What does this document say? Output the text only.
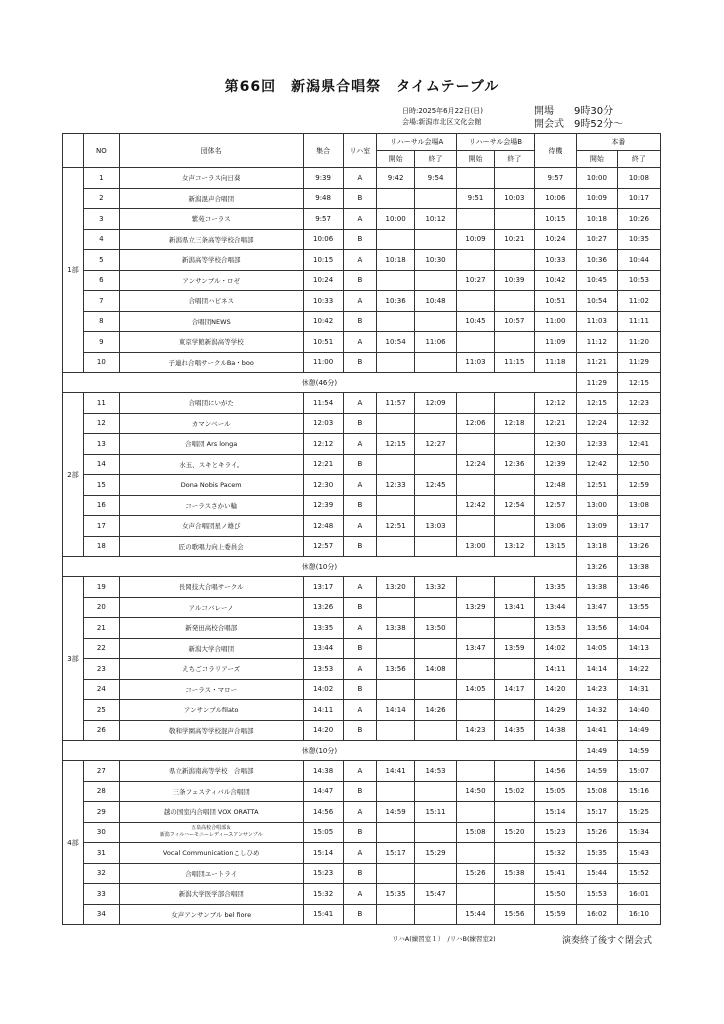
第66回　新潟県合唱祭　タイムテーブル
日時:2025年6月22日(日)
会場:新潟市北区文化会館
開場 9時30分
開会式 9時52分～
	NO	団体名	集合	リハ室	リハーサル会場A		リハーサル会場B		待機	本番	
					開始	終了	開始	終了		開始	終了
1部	1	女声コーラス向日葵	9:39	A	9:42	9:54			9:57	10:00	10:08
	2	新潟混声合唱団	9:48	B			9:51	10:03	10:06	10:09	10:17
	3	紫苑コーラス	9:57	A	10:00	10:12			10:15	10:18	10:26
	4	新潟県立三条高等学校合唱部	10:06	B			10:09	10:21	10:24	10:27	10:35
	5	新潟高等学校合唱部	10:15	A	10:18	10:30			10:33	10:36	10:44
	6	アンサンブル・ロゼ	10:24	B			10:27	10:39	10:42	10:45	10:53
	7	合唱団ハピネス	10:33	A	10:36	10:48			10:51	10:54	11:02
	8	合唱団NEWS	10:42	B			10:45	10:57	11:00	11:03	11:11
	9	東京学館新潟高等学校	10:51	A	10:54	11:06			11:09	11:12	11:20
	10	子連れ合唱サークルBa・boo	11:00	B			11:03	11:15	11:18	11:21	11:29
休憩(46分)										11:29	12:15
2部	11	合唱団にいがた	11:54	A	11:57	12:09			12:12	12:15	12:23
	12	カマンベール	12:03	B			12:06	12:18	12:21	12:24	12:32
	13	合唱団 Ars longa	12:12	A	12:15	12:27			12:30	12:33	12:41
	14	水玉、スキとキライ。	12:21	B			12:24	12:36	12:39	12:42	12:50
	15	Dona Nobis Pacem	12:30	A	12:33	12:45			12:48	12:51	12:59
	16	コーラスさかい輪	12:39	B			12:42	12:54	12:57	13:00	13:08
	17	女声合唱団星ノ雄び	12:48	A	12:51	13:03			13:06	13:09	13:17
	18	匠の歌唱力向上委員会	12:57	B			13:00	13:12	13:15	13:18	13:26
休憩(10分)										13:26	13:38
3部	19	長岡技大合唱サークル	13:17	A	13:20	13:32			13:35	13:38	13:46
	20	アルコバレーノ	13:26	B			13:29	13:41	13:44	13:47	13:55
	21	新発田高校合唱部	13:35	A	13:38	13:50			13:53	13:56	14:04
	22	新潟大学合唱団	13:44	B			13:47	13:59	14:02	14:05	14:13
	23	えちごコラリアーズ	13:53	A	13:56	14:08			14:11	14:14	14:22
	24	コーラス・マロー	14:02	B			14:05	14:17	14:20	14:23	14:31
	25	アンサンブルfilato	14:11	A	14:14	14:26			14:29	14:32	14:40
	26	敬和学園高等学校混声合唱部	14:20	B			14:23	14:35	14:38	14:41	14:49
休憩(10分)										14:49	14:59
4部	27	県立新潟南高等学校　合唱部	14:38	A	14:41	14:53			14:56	14:59	15:07
	28	三条フェスティバル合唱団	14:47	B			14:50	15:02	15:05	15:08	15:16
	29	越の国室内合唱団 VOX ORATTA	14:56	A	14:59	15:11			15:14	15:17	15:25
	30	五泉高校合唱部＆
新潟フィルハーモニーレディースアンサンブル	15:05	B			15:08	15:20	15:23	15:26	15:34
	31	Vocal Communicationこしひめ	15:14	A	15:17	15:29			15:32	15:35	15:43
	32	合唱団ユートライ	15:23	B			15:26	15:38	15:41	15:44	15:52
	33	新潟大学医学部合唱団	15:32	A	15:35	15:47			15:50	15:53	16:01
	34	女声アンサンブル bel fiore	15:41	B			15:44	15:56	15:59	16:02	16:10
リハA(練習室１）　/リハB(練習室2)	演奏終了後すぐ閉会式
